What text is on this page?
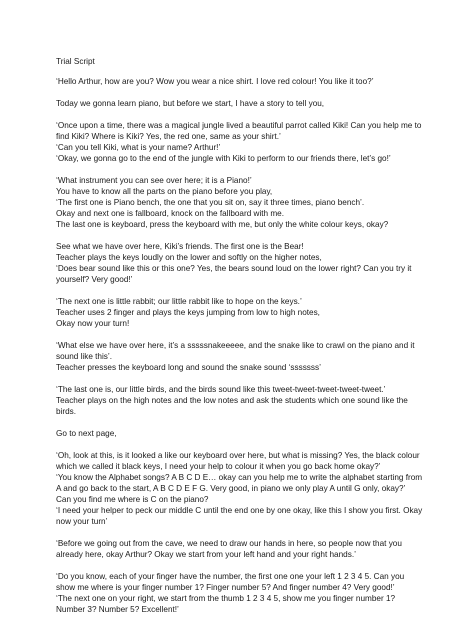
Trial Script
‘Hello Arthur, how are you? Wow you wear a nice shirt. I love red colour! You like it too?’
Today we gonna learn piano, but before we start, I have a story to tell you,
‘Once upon a time, there was a magical jungle lived a beautiful parrot called Kiki! Can you help me to
find Kiki? Where is Kiki? Yes, the red one, same as your shirt.’
‘Can you tell Kiki, what is your name? Arthur!’
‘Okay, we gonna go to the end of the jungle with Kiki to perform to our friends there, let’s go!’
‘What instrument you can see over here; it is a Piano!’
You have to know all the parts on the piano before you play,
‘The first one is Piano bench, the one that you sit on, say it three times, piano bench’.
Okay and next one is fallboard, knock on the fallboard with me.
The last one is keyboard, press the keyboard with me, but only the white colour keys, okay?
See what we have over here, Kiki’s friends. The first one is the Bear!
Teacher plays the keys loudly on the lower and softly on the higher notes,
‘Does bear sound like this or this one? Yes, the bears sound loud on the lower right? Can you try it
yourself? Very good!’
‘The next one is little rabbit; our little rabbit like to hope on the keys.’
Teacher uses 2 finger and plays the keys jumping from low to high notes,
Okay now your turn!
‘What else we have over here, it’s a sssssnakeeeee, and the snake like to crawl on the piano and it
sound like this’.
Teacher presses the keyboard long and sound the snake sound ‘sssssss’
‘The last one is, our little birds, and the birds sound like this tweet-tweet-tweet-tweet-tweet.’
Teacher plays on the high notes and the low notes and ask the students which one sound like the
birds.
Go to next page,
‘Oh, look at this, is it looked a like our keyboard over here, but what is missing? Yes, the black colour
which we called it black keys, I need your help to colour it when you go back home okay?’
‘You know the Alphabet songs? A B C D E… okay can you help me to write the alphabet starting from
A and go back to the start, A B C D E F G. Very good, in piano we only play A until G only, okay?’
Can you find me where is C on the piano?
‘I need your helper to peck our middle C until the end one by one okay, like this I show you first. Okay
now your turn’
‘Before we going out from the cave, we need to draw our hands in here, so people now that you
already here, okay Arthur? Okay we start from your left hand and your right hands.’
‘Do you know, each of your finger have the number, the first one one your left 1 2 3 4 5. Can you
show me where is your finger number 1? Finger number 5? And finger number 4? Very good!’
‘The next one on your right, we start from the thumb 1 2 3 4 5, show me you finger number 1?
Number 3? Number 5? Excellent!’
